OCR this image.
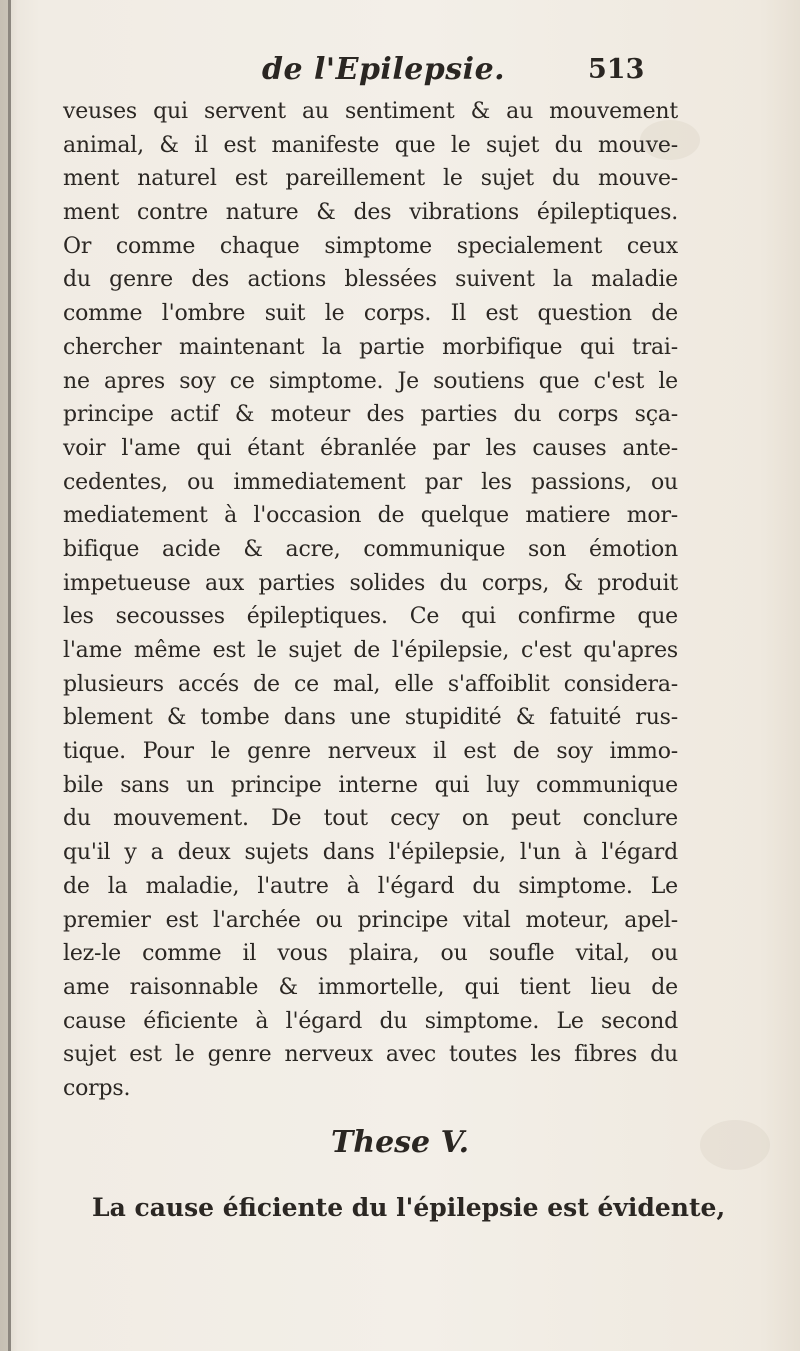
de l'Epilepsie.	513
veuses qui servent au sentiment & au mouvement
animal, & il est manifeste que le sujet du mouve-
ment naturel est pareillement le sujet du mouve-
ment contre nature & des vibrations épileptiques.
Or comme chaque simptome specialement ceux
du genre des actions blessées suivent la maladie
comme l'ombre suit le corps. Il est question de
chercher maintenant la partie morbifique qui trai-
ne apres soy ce simptome. Je soutiens que c'est le
principe actif & moteur des parties du corps sça-
voir l'ame qui étant ébranlée par les causes ante-
cedentes, ou immediatement par les passions, ou
mediatement à l'occasion de quelque matiere mor-
bifique acide & acre, communique son émotion
impetueuse aux parties solides du corps, & produit
les secousses épileptiques. Ce qui confirme que
l'ame même est le sujet de l'épilepsie, c'est qu'apres
plusieurs accés de ce mal, elle s'affoiblit considera-
blement & tombe dans une stupidité & fatuité rus-
tique. Pour le genre nerveux il est de soy immo-
bile sans un principe interne qui luy communique
du mouvement. De tout cecy on peut conclure
qu'il y a deux sujets dans l'épilepsie, l'un à l'égard
de la maladie, l'autre à l'égard du simptome. Le
premier est l'archée ou principe vital moteur, apel-
lez-le comme il vous plaira, ou soufle vital, ou
ame raisonnable & immortelle, qui tient lieu de
cause éficiente à l'égard du simptome. Le second
sujet est le genre nerveux avec toutes les fibres du
corps.
These V.
La cause éficiente du l'épilepsie est évidente,
